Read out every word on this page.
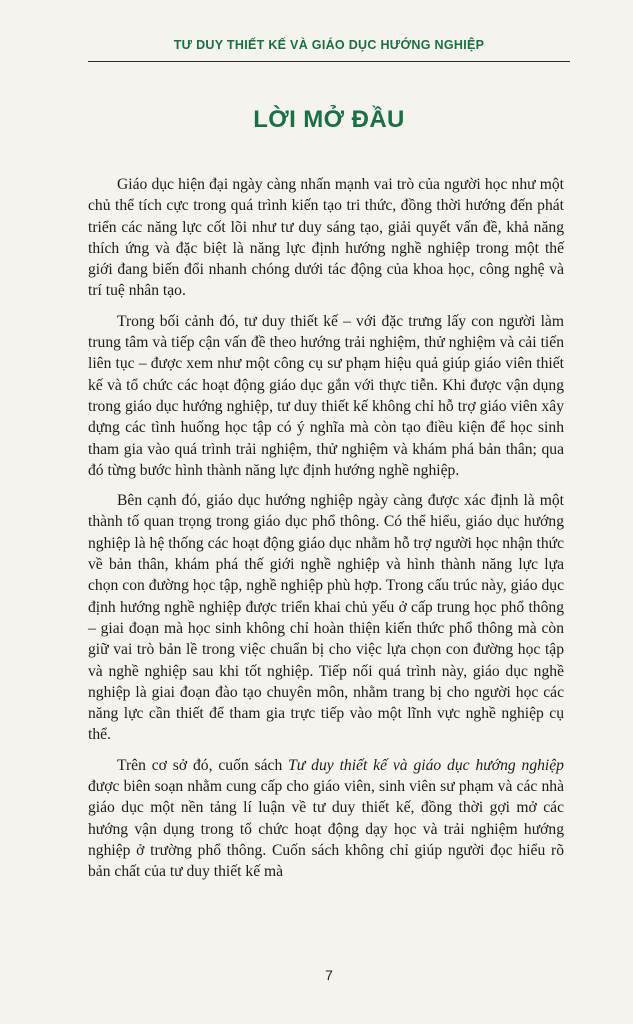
TƯ DUY THIẾT KẾ VÀ GIÁO DỤC HƯỚNG NGHIỆP
LỜI MỞ ĐẦU

Giáo dục hiện đại ngày càng nhấn mạnh vai trò của người học như một chủ thể tích cực trong quá trình kiến tạo tri thức, đồng thời hướng đến phát triển các năng lực cốt lõi như tư duy sáng tạo, giải quyết vấn đề, khả năng thích ứng và đặc biệt là năng lực định hướng nghề nghiệp trong một thế giới đang biến đổi nhanh chóng dưới tác động của khoa học, công nghệ và trí tuệ nhân tạo.

Trong bối cảnh đó, tư duy thiết kế – với đặc trưng lấy con người làm trung tâm và tiếp cận vấn đề theo hướng trải nghiệm, thử nghiệm và cải tiến liên tục – được xem như một công cụ sư phạm hiệu quả giúp giáo viên thiết kế và tổ chức các hoạt động giáo dục gắn với thực tiễn. Khi được vận dụng trong giáo dục hướng nghiệp, tư duy thiết kế không chỉ hỗ trợ giáo viên xây dựng các tình huống học tập có ý nghĩa mà còn tạo điều kiện để học sinh tham gia vào quá trình trải nghiệm, thử nghiệm và khám phá bản thân; qua đó từng bước hình thành năng lực định hướng nghề nghiệp.

Bên cạnh đó, giáo dục hướng nghiệp ngày càng được xác định là một thành tố quan trọng trong giáo dục phổ thông. Có thể hiểu, giáo dục hướng nghiệp là hệ thống các hoạt động giáo dục nhằm hỗ trợ người học nhận thức về bản thân, khám phá thế giới nghề nghiệp và hình thành năng lực lựa chọn con đường học tập, nghề nghiệp phù hợp. Trong cấu trúc này, giáo dục định hướng nghề nghiệp được triển khai chủ yếu ở cấp trung học phổ thông – giai đoạn mà học sinh không chỉ hoàn thiện kiến thức phổ thông mà còn giữ vai trò bản lề trong việc chuẩn bị cho việc lựa chọn con đường học tập và nghề nghiệp sau khi tốt nghiệp. Tiếp nối quá trình này, giáo dục nghề nghiệp là giai đoạn đào tạo chuyên môn, nhằm trang bị cho người học các năng lực cần thiết để tham gia trực tiếp vào một lĩnh vực nghề nghiệp cụ thể.

Trên cơ sở đó, cuốn sách Tư duy thiết kế và giáo dục hướng nghiệp được biên soạn nhằm cung cấp cho giáo viên, sinh viên sư phạm và các nhà giáo dục một nền tảng lí luận về tư duy thiết kế, đồng thời gợi mở các hướng vận dụng trong tổ chức hoạt động dạy học và trải nghiệm hướng nghiệp ở trường phổ thông. Cuốn sách không chỉ giúp người đọc hiểu rõ bản chất của tư duy thiết kế mà

7
